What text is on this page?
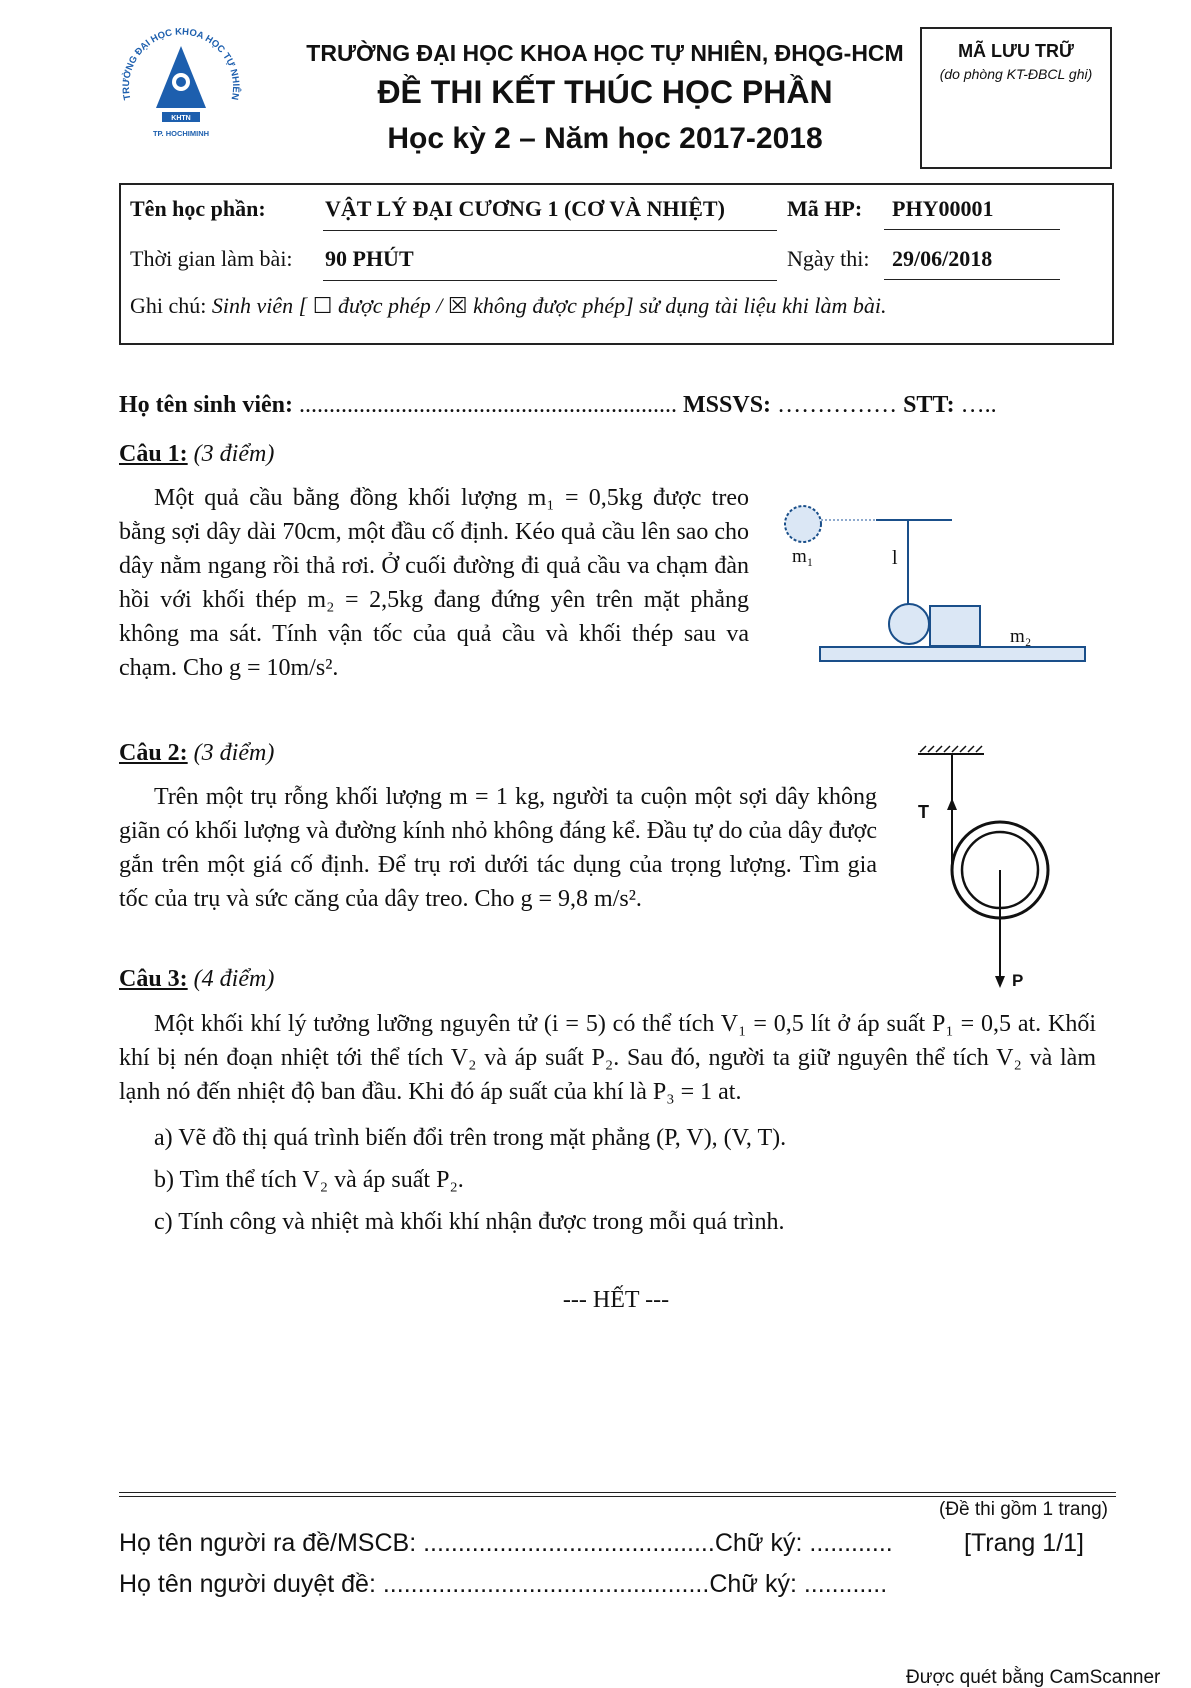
TRƯỜNG ĐẠI HỌC KHOA HỌC TỰ NHIÊN
KHTN
TP. HOCHIMINH
TRƯỜNG ĐẠI HỌC KHOA HỌC TỰ NHIÊN, ĐHQG-HCM
ĐỀ THI KẾT THÚC HỌC PHẦN
Học kỳ 2 – Năm học 2017-2018
MÃ LƯU TRỮ
(do phòng KT-ĐBCL ghi)
Tên học phần:	VẬT LÝ ĐẠI CƯƠNG 1 (CƠ VÀ NHIỆT)	Mã HP:	PHY00001
Thời gian làm bài: 90 PHÚT	Ngày thi:	29/06/2018
Ghi chú: Sinh viên [ ☐ được phép / ☒ không được phép] sử dụng tài liệu khi làm bài.
Họ tên sinh viên: ............................................................... MSSVS: …………… STT: …..
Câu 1: (3 điểm)

Một quả cầu bằng đồng khối lượng m₁ = 0,5kg được treo bằng sợi dây dài 70cm, một đầu cố định. Kéo quả cầu lên sao cho dây nằm ngang rồi thả rơi. Ở cuối đường đi quả cầu va chạm đàn hồi với khối thép m₂ = 2,5kg đang đứng yên trên mặt phẳng không ma sát. Tính vận tốc của quả cầu và khối thép sau va chạm. Cho g = 10m/s².

m₁	l
m₂
Câu 2: (3 điểm)

Trên một trụ rỗng khối lượng m = 1 kg, người ta cuộn một sợi dây không giãn có khối lượng và đường kính nhỏ không đáng kể. Đầu tự do của dây được gắn trên một giá cố định. Để trụ rơi dưới tác dụng của trọng lượng. Tìm gia tốc của trụ và sức căng của dây treo. Cho g = 9,8 m/s².

T
P
Câu 3: (4 điểm)

Một khối khí lý tưởng lưỡng nguyên tử (i = 5) có thể tích V₁ = 0,5 lít ở áp suất P₁ = 0,5 at. Khối khí bị nén đoạn nhiệt tới thể tích V₂ và áp suất P₂. Sau đó, người ta giữ nguyên thể tích V₂ và làm lạnh nó đến nhiệt độ ban đầu. Khi đó áp suất của khí là P₃ = 1 at.

a) Vẽ đồ thị quá trình biến đổi trên trong mặt phẳng (P, V), (V, T).
b) Tìm thể tích V₂ và áp suất P₂.
c) Tính công và nhiệt mà khối khí nhận được trong mỗi quá trình.
--- HẾT ---
(Đề thi gồm 1 trang)
Họ tên người ra đề/MSCB: ..........................................Chữ ký: ............	[Trang 1/1]
Họ tên người duyệt đề: ...............................................Chữ ký: ............
Được quét bằng CamScanner
